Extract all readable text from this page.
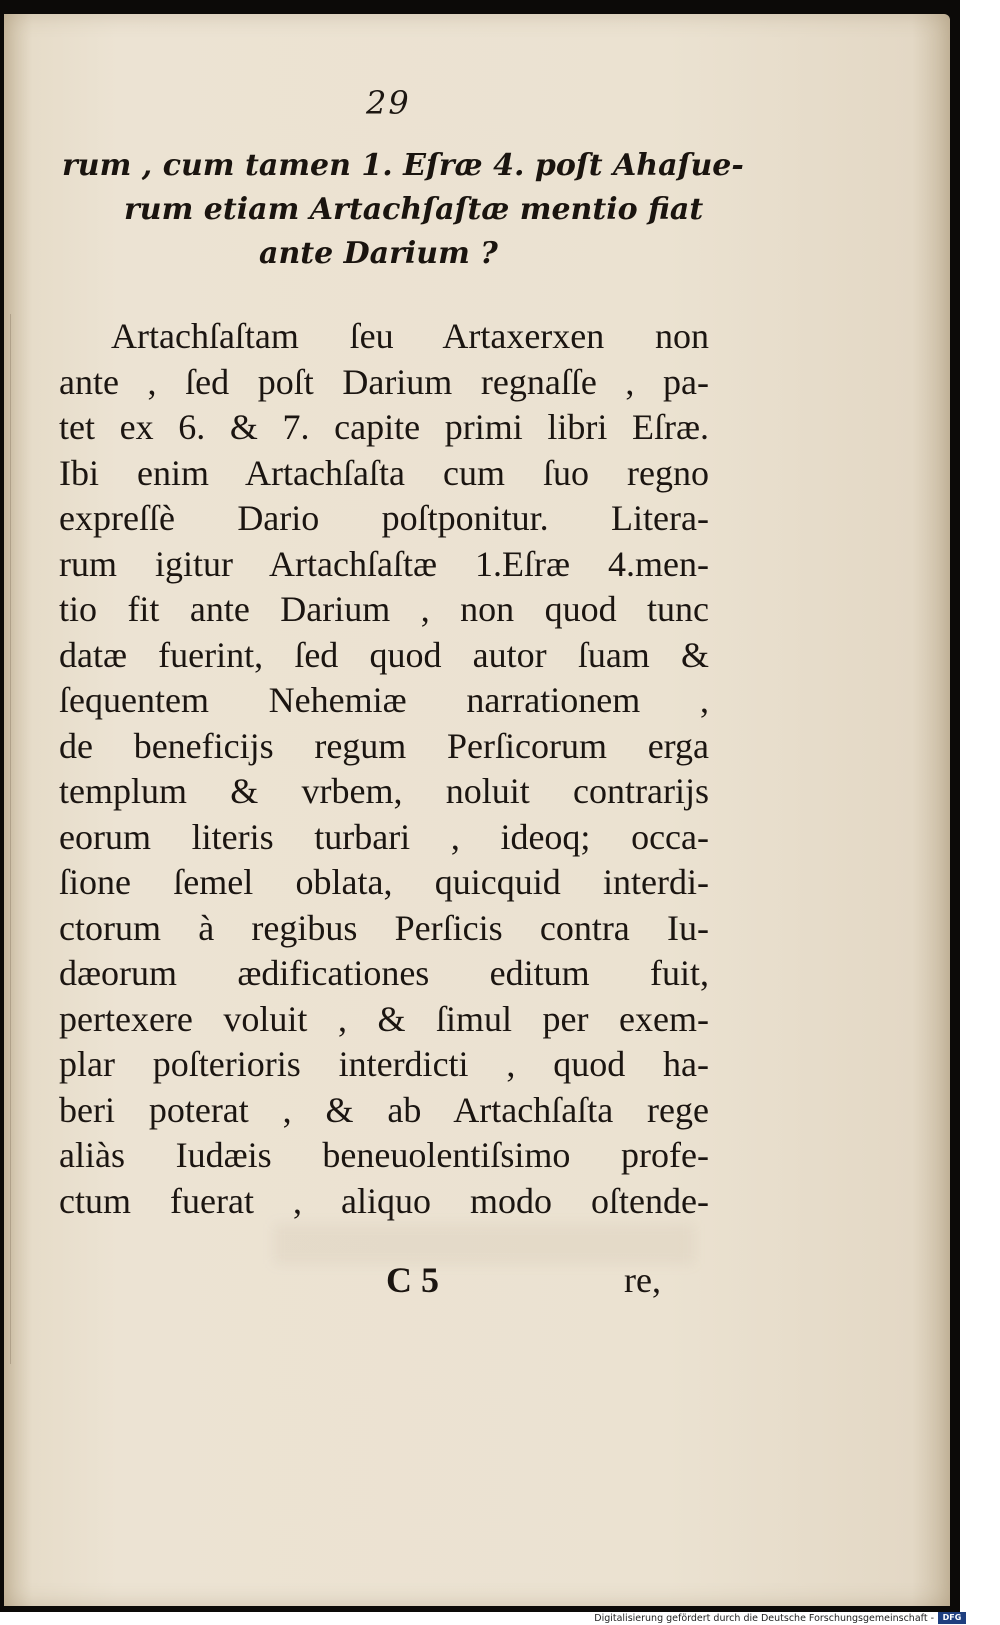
29
rum , cum tamen 1. Eſræ 4. poſt Ahaſue-
rum etiam Artachſaſtæ mentio fiat
ante Darium ?
Artachſaſtam ſeu Artaxerxen non
ante , ſed poſt Darium regnaſſe , pa-
tet ex 6. & 7. capite primi libri Eſræ.
Ibi enim Artachſaſta cum ſuo regno
expreſſè Dario poſtponitur. Litera-
rum igitur Artachſaſtæ 1.Eſræ 4.men-
tio fit ante Darium , non quod tunc
datæ fuerint, ſed quod autor ſuam &
ſequentem Nehemiæ narrationem ,
de beneficijs regum Perſicorum erga
templum & vrbem, noluit contrarijs
eorum literis turbari , ideoq; occa-
ſione ſemel oblata, quicquid interdi-
ctorum à regibus Perſicis contra Iu-
dæorum ædificationes editum fuit,
pertexere voluit , & ſimul per exem-
plar poſterioris interdicti , quod ha-
beri poterat , & ab Artachſaſta rege
aliàs Iudæis beneuolentiſsimo profe-
ctum fuerat , aliquo modo oſtende-
C 5	re,
Digitalisierung gefördert durch die Deutsche Forschungsgemeinschaft -	DFG
